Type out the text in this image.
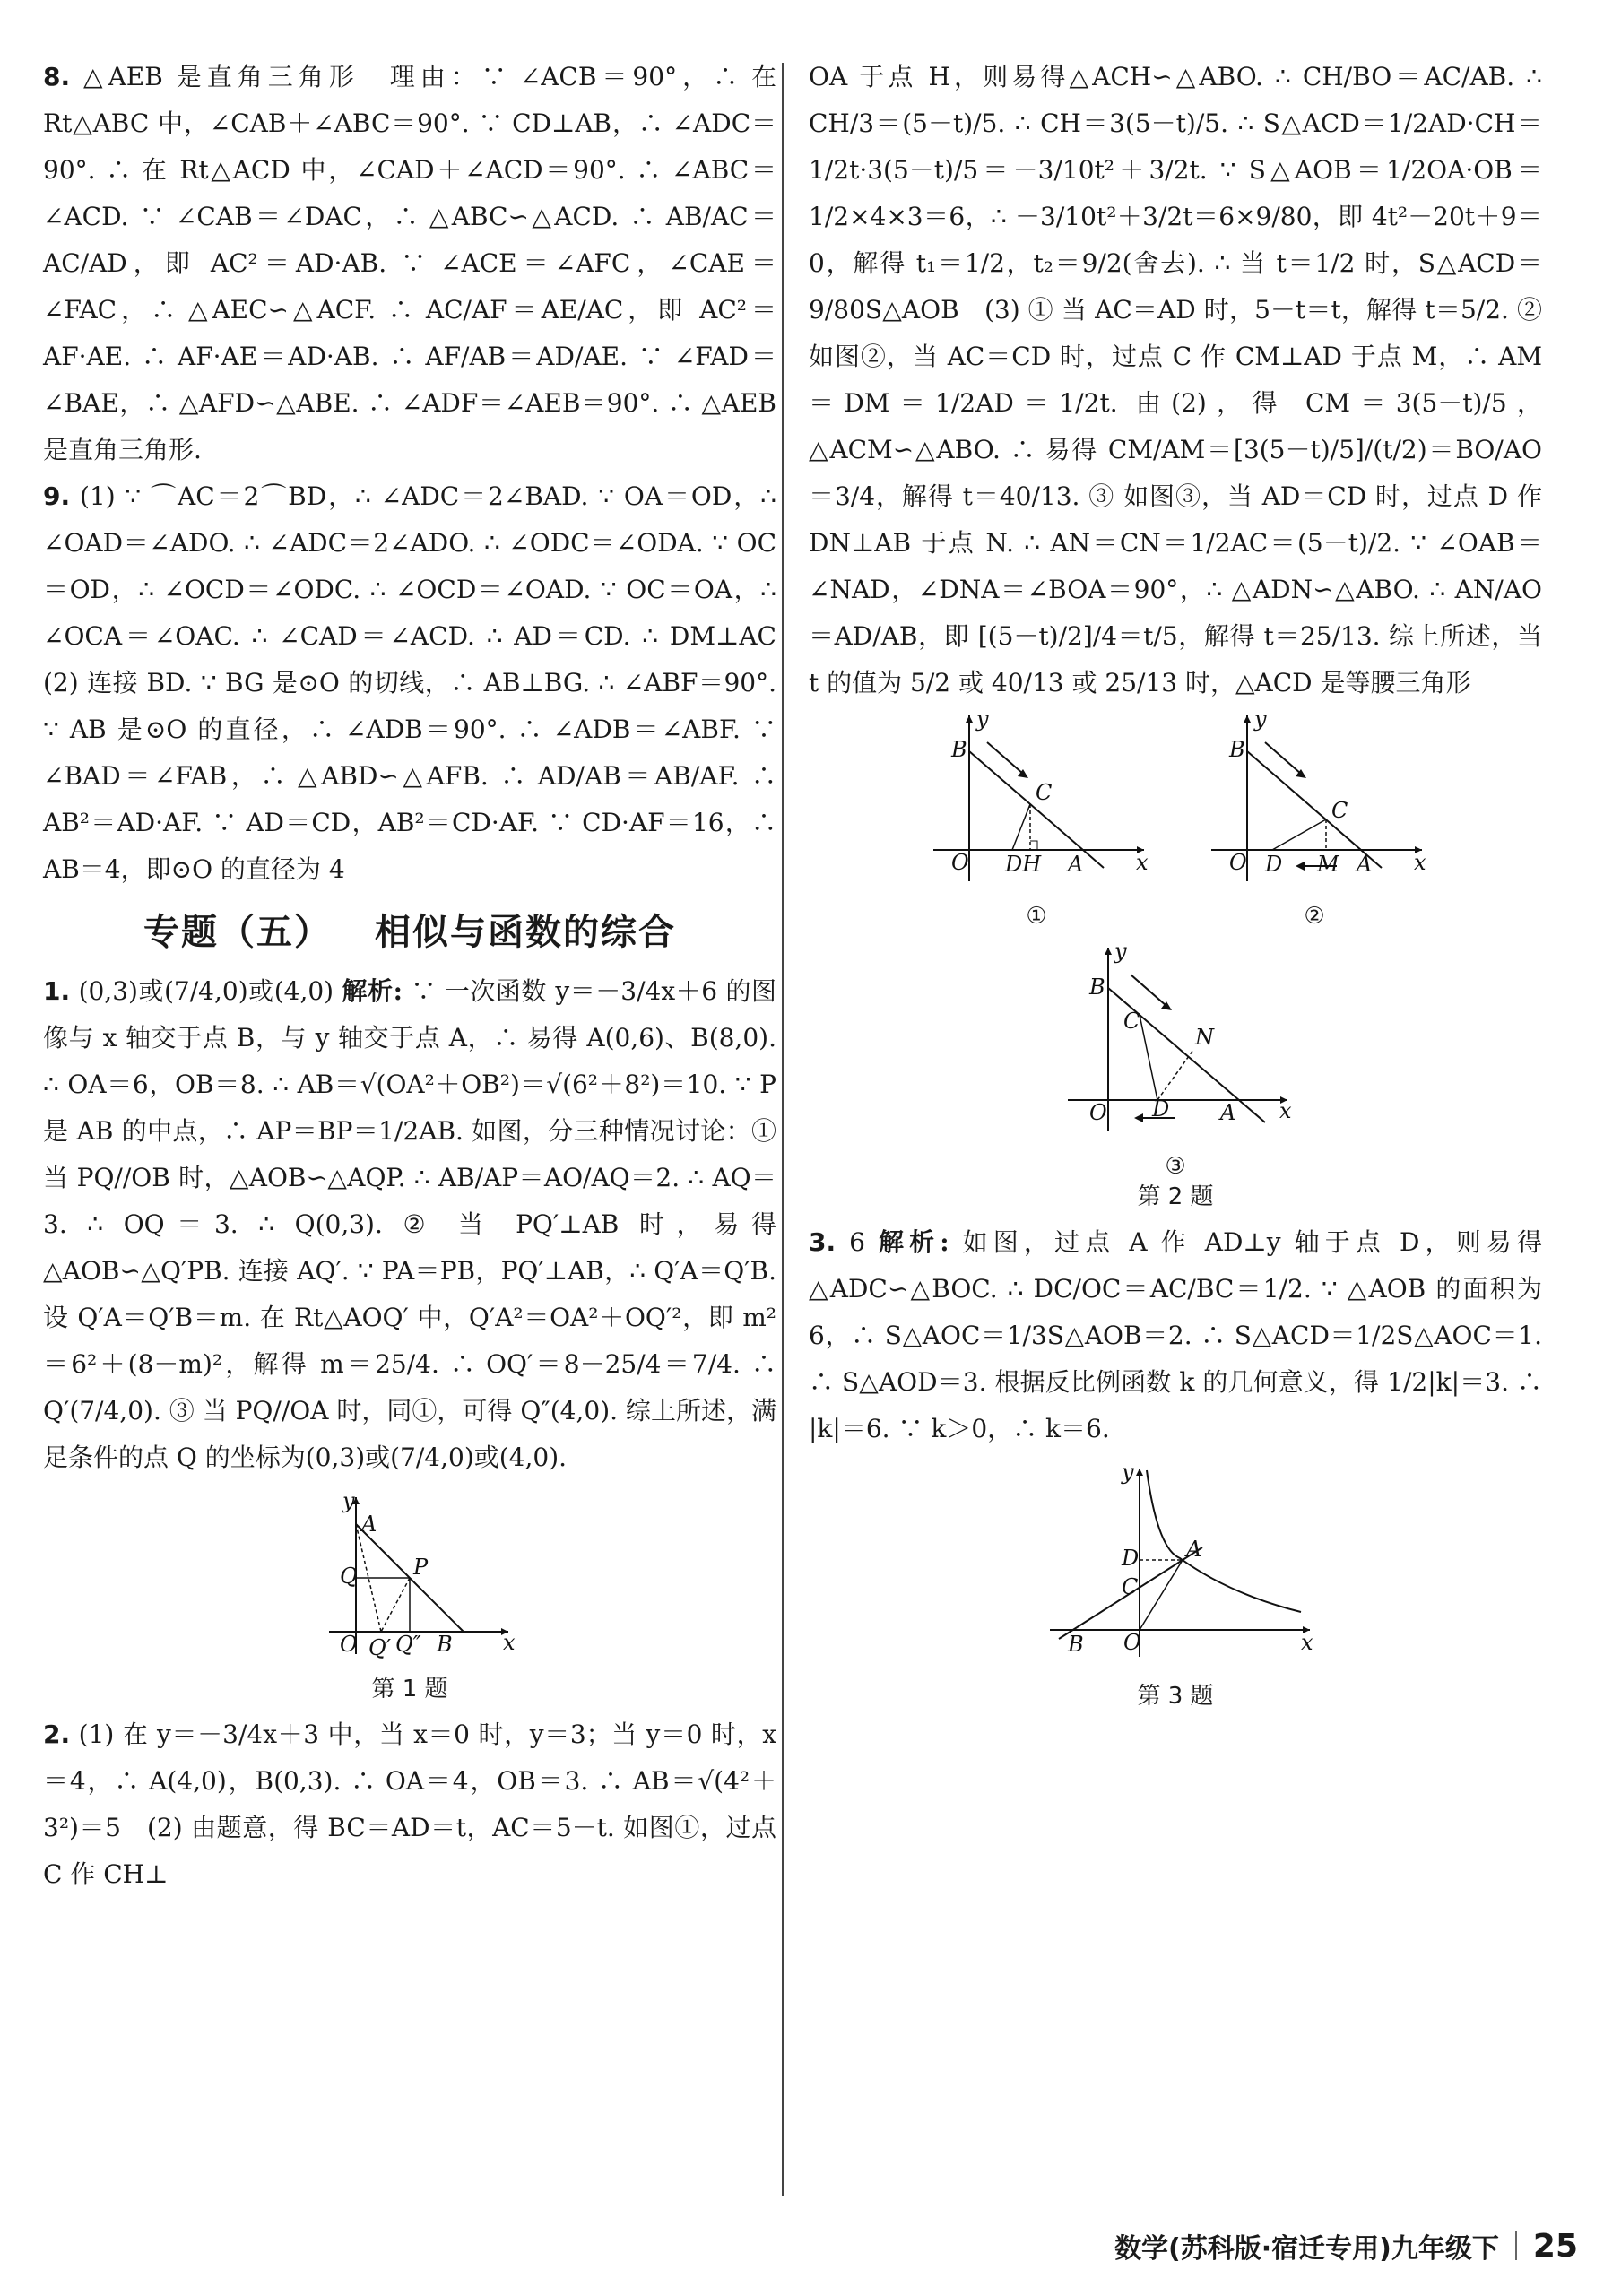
8. △AEB 是直角三角形　理由：∵ ∠ACB＝90°，∴ 在 Rt△ABC 中，∠CAB＋∠ABC＝90°. ∵ CD⊥AB，∴ ∠ADC＝90°. ∴ 在 Rt△ACD 中，∠CAD＋∠ACD＝90°. ∴ ∠ABC＝∠ACD. ∵ ∠CAB＝∠DAC，∴ △ABC∽△ACD. ∴ AB/AC＝AC/AD，即 AC²＝AD·AB. ∵ ∠ACE＝∠AFC，∠CAE＝∠FAC，∴ △AEC∽△ACF. ∴ AC/AF＝AE/AC，即 AC²＝AF·AE. ∴ AF·AE＝AD·AB. ∴ AF/AB＝AD/AE. ∵ ∠FAD＝∠BAE，∴ △AFD∽△ABE. ∴ ∠ADF＝∠AEB＝90°. ∴ △AEB 是直角三角形.

9. (1) ∵ ⌒AC＝2⌒BD，∴ ∠ADC＝2∠BAD. ∵ OA＝OD，∴ ∠OAD＝∠ADO. ∴ ∠ADC＝2∠ADO. ∴ ∠ODC＝∠ODA. ∵ OC＝OD，∴ ∠OCD＝∠ODC. ∴ ∠OCD＝∠OAD. ∵ OC＝OA，∴ ∠OCA＝∠OAC. ∴ ∠CAD＝∠ACD. ∴ AD＝CD. ∴ DM⊥AC　(2) 连接 BD. ∵ BG 是⊙O 的切线，∴ AB⊥BG. ∴ ∠ABF＝90°. ∵ AB 是⊙O 的直径，∴ ∠ADB＝90°. ∴ ∠ADB＝∠ABF. ∵ ∠BAD＝∠FAB，∴ △ABD∽△AFB. ∴ AD/AB＝AB/AF. ∴ AB²＝AD·AF. ∵ AD＝CD，AB²＝CD·AF. ∵ CD·AF＝16，∴ AB＝4，即⊙O 的直径为 4

专题（五） 相似与函数的综合

1. (0,3)或(7/4,0)或(4,0) 解析: ∵ 一次函数 y＝－3/4x＋6 的图像与 x 轴交于点 B，与 y 轴交于点 A，∴ 易得 A(0,6)、B(8,0). ∴ OA＝6，OB＝8. ∴ AB＝√(OA²＋OB²)＝√(6²＋8²)＝10. ∵ P 是 AB 的中点，∴ AP＝BP＝1/2AB. 如图，分三种情况讨论：① 当 PQ//OB 时，△AOB∽△AQP. ∴ AB/AP＝AO/AQ＝2. ∴ AQ＝3. ∴ OQ＝3. ∴ Q(0,3). ② 当 PQ′⊥AB 时，易得 △AOB∽△Q′PB. 连接 AQ′. ∵ PA＝PB，PQ′⊥AB，∴ Q′A＝Q′B. 设 Q′A＝Q′B＝m. 在 Rt△AOQ′ 中，Q′A²＝OA²＋OQ′²，即 m²＝6²＋(8－m)²，解得 m＝25/4. ∴ OQ′＝8－25/4＝7/4. ∴ Q′(7/4,0). ③ 当 PQ//OA 时，同①，可得 Q″(4,0). 综上所述，满足条件的点 Q 的坐标为(0,3)或(7/4,0)或(4,0).

y
x
O
A
P
Q
Q′ Q″ B
第 1 题

2. (1) 在 y＝－3/4x＋3 中，当 x＝0 时，y＝3；当 y＝0 时，x＝4，∴ A(4,0)，B(0,3). ∴ OA＝4，OB＝3. ∴ AB＝√(4²＋3²)＝5　(2) 由题意，得 BC＝AD＝t，AC＝5－t. 如图①，过点 C 作 CH⊥

OA 于点 H，则易得△ACH∽△ABO. ∴ CH/BO＝AC/AB. ∴ CH/3＝(5－t)/5. ∴ CH＝3(5－t)/5. ∴ S△ACD＝1/2AD·CH＝1/2t·3(5－t)/5＝－3/10t²＋3/2t. ∵ S△AOB＝1/2OA·OB＝1/2×4×3＝6，∴ －3/10t²＋3/2t＝6×9/80，即 4t²－20t＋9＝0，解得 t₁＝1/2，t₂＝9/2(舍去). ∴ 当 t＝1/2 时，S△ACD＝9/80S△AOB　(3) ① 当 AC＝AD 时，5－t＝t，解得 t＝5/2. ② 如图②，当 AC＝CD 时，过点 C 作 CM⊥AD 于点 M，∴ AM＝DM＝1/2AD＝1/2t. 由(2)，得 CM＝3(5－t)/5，△ACM∽△ABO. ∴ 易得 CM/AM＝[3(5－t)/5]/(t/2)＝BO/AO＝3/4，解得 t＝40/13. ③ 如图③，当 AD＝CD 时，过点 D 作 DN⊥AB 于点 N. ∴ AN＝CN＝1/2AC＝(5－t)/2. ∵ ∠OAB＝∠NAD，∠DNA＝∠BOA＝90°，∴ △ADN∽△ABO. ∴ AN/AO＝AD/AB，即 [(5－t)/2]/4＝t/5，解得 t＝25/13. 综上所述，当 t 的值为 5/2 或 40/13 或 25/13 时，△ACD 是等腰三角形

y
x
O
B
C
DH A
①
y
x
O
B
C
D M A
②
y
x
O
B
C
N
D A
③
第 2 题

3. 6 解析: 如图，过点 A 作 AD⊥y 轴于点 D，则易得△ADC∽△BOC. ∴ DC/OC＝AC/BC＝1/2. ∵ △AOB 的面积为 6，∴ S△AOC＝1/3S△AOB＝2. ∴ S△ACD＝1/2S△AOC＝1. ∴ S△AOD＝3. 根据反比例函数 k 的几何意义，得 1/2|k|＝3. ∴ |k|＝6. ∵ k＞0，∴ k＝6.

y
x
O
B
D
C
A
第 3 题
数学(苏科版·宿迁专用)九年级下 25
